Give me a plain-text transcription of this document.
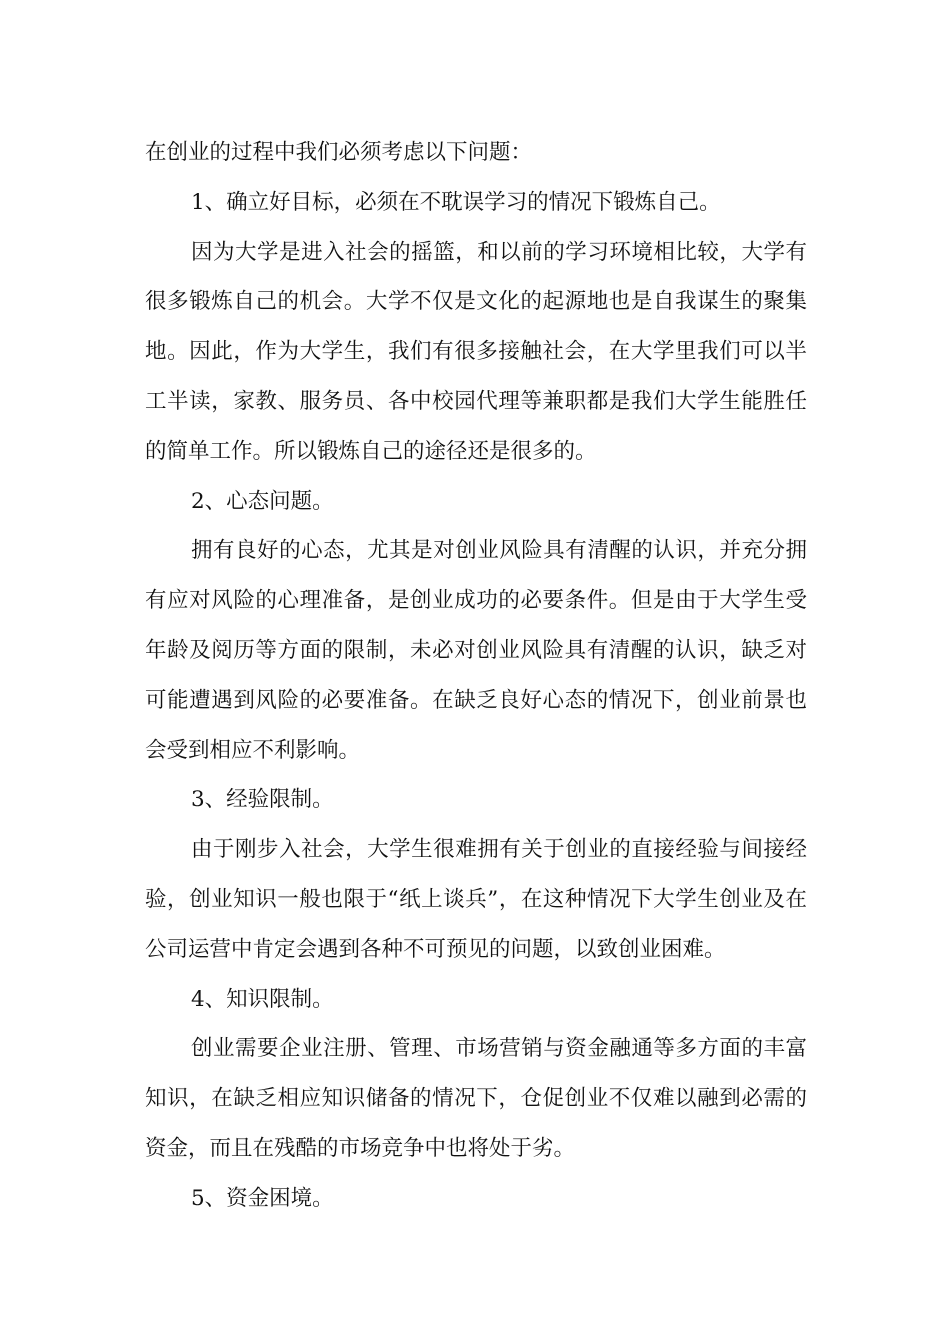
在创业的过程中我们必须考虑以下问题：

1、确立好目标，必须在不耽误学习的情况下锻炼自己。

因为大学是进入社会的摇篮，和以前的学习环境相比较，大学有很多锻炼自己的机会。大学不仅是文化的起源地也是自我谋生的聚集地。因此，作为大学生，我们有很多接触社会，在大学里我们可以半工半读，家教、服务员、各中校园代理等兼职都是我们大学生能胜任的简单工作。所以锻炼自己的途径还是很多的。

2、心态问题。

拥有良好的心态，尤其是对创业风险具有清醒的认识，并充分拥有应对风险的心理准备，是创业成功的必要条件。但是由于大学生受年龄及阅历等方面的限制，未必对创业风险具有清醒的认识，缺乏对可能遭遇到风险的必要准备。在缺乏良好心态的情况下，创业前景也会受到相应不利影响。

3、经验限制。

由于刚步入社会，大学生很难拥有关于创业的直接经验与间接经验，创业知识一般也限于“纸上谈兵”，在这种情况下大学生创业及在公司运营中肯定会遇到各种不可预见的问题，以致创业困难。

4、知识限制。

创业需要企业注册、管理、市场营销与资金融通等多方面的丰富知识，在缺乏相应知识储备的情况下，仓促创业不仅难以融到必需的资金，而且在残酷的市场竞争中也将处于劣。

5、资金困境。
